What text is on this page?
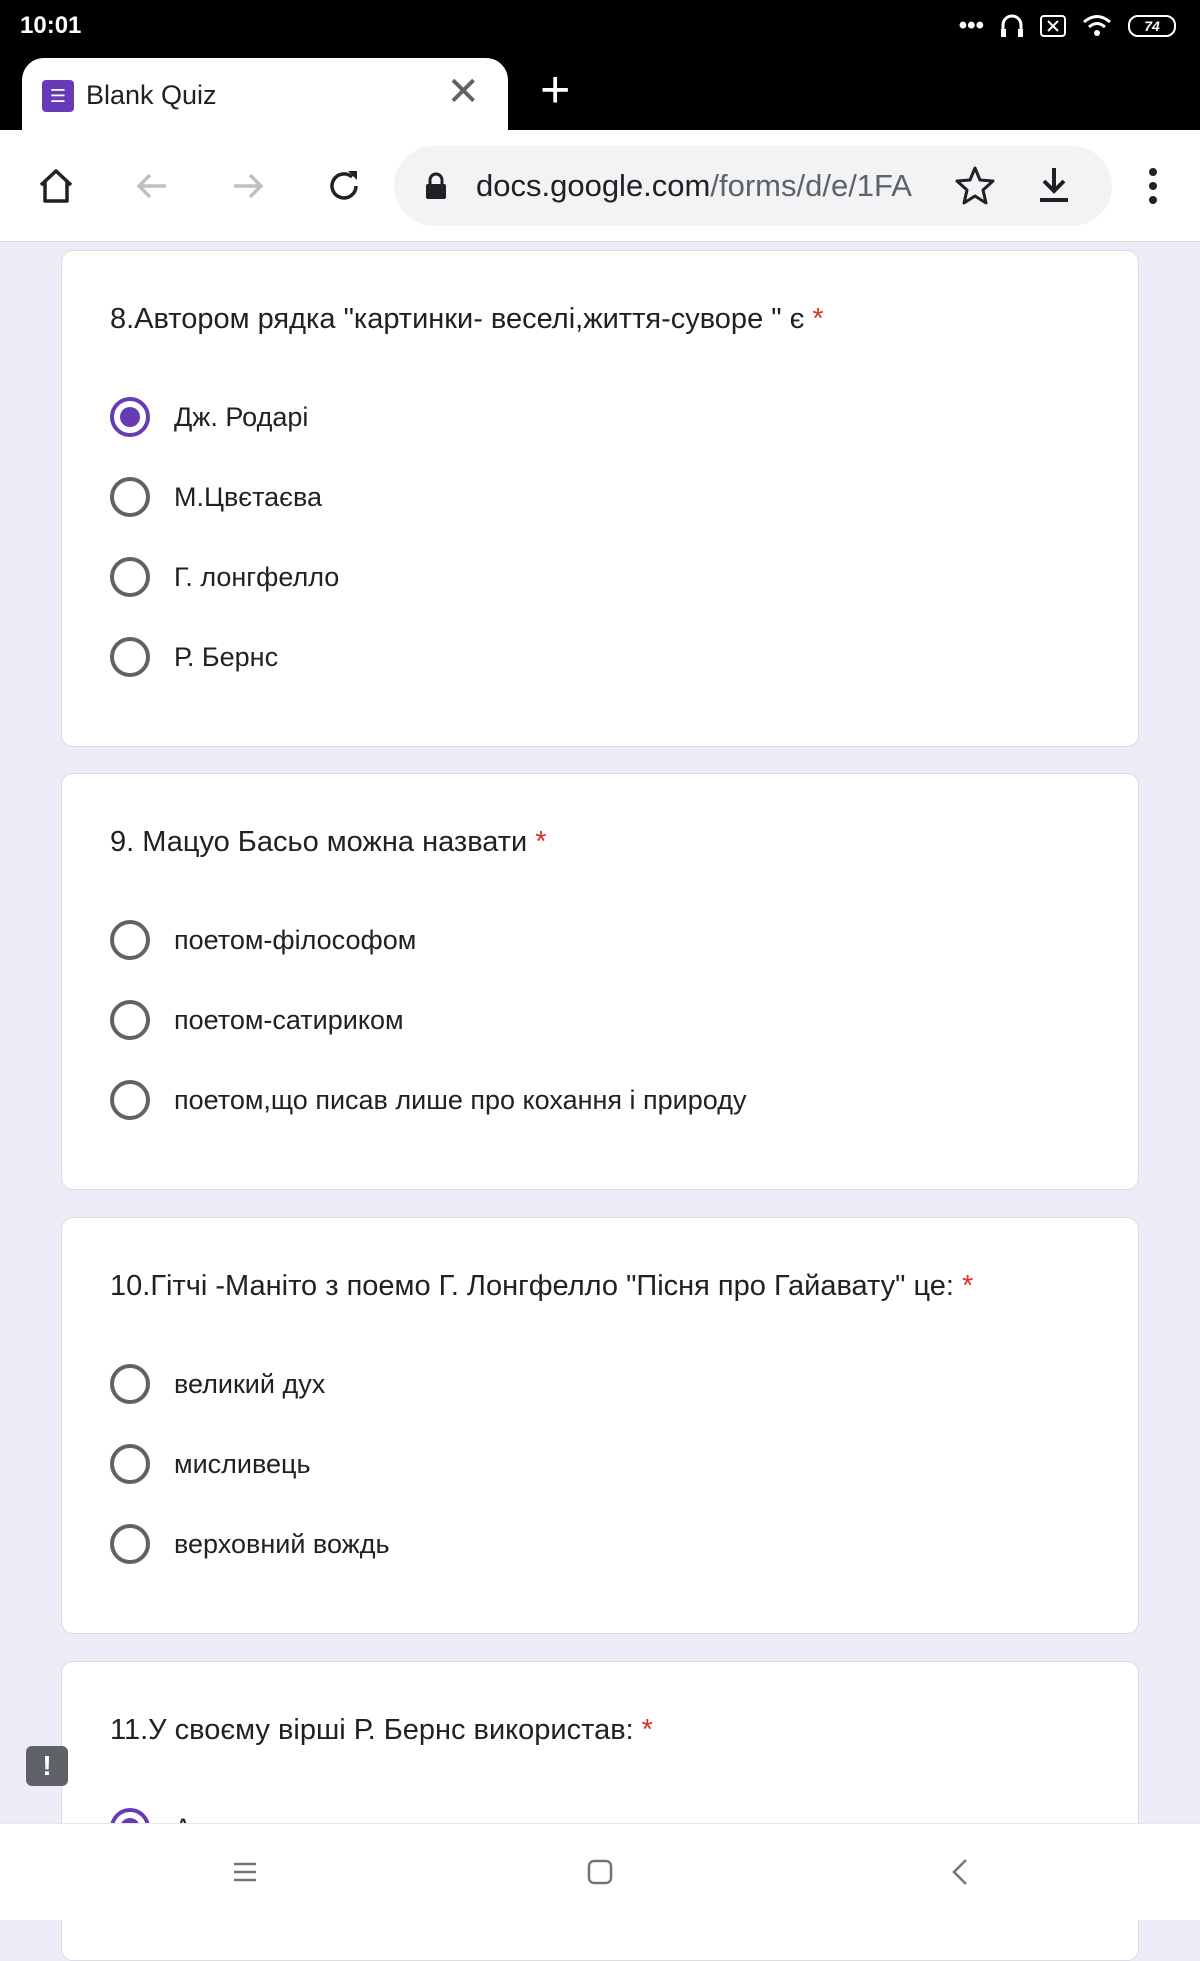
10:01	•••	74
☰ Blank Quiz	✕ +
docs.google.com/forms/d/e/1FA
8.Автором рядка "картинки- веселі,життя-суворе " є *
Дж. Родарі
М.Цвєтаєва
Г. лонгфелло
Р. Бернс
9. Мацуо Басьо можна назвати *
поетом-філософом
поетом-сатириком
поетом,що писав лише про кохання і природу
10.Гітчі -Маніто з поемо Г. Лонгфелло "Пісня про Гайавату" це: *
великий дух
мисливець
верховний вождь
11.У своєму вірші Р. Бернс використав: *
!
